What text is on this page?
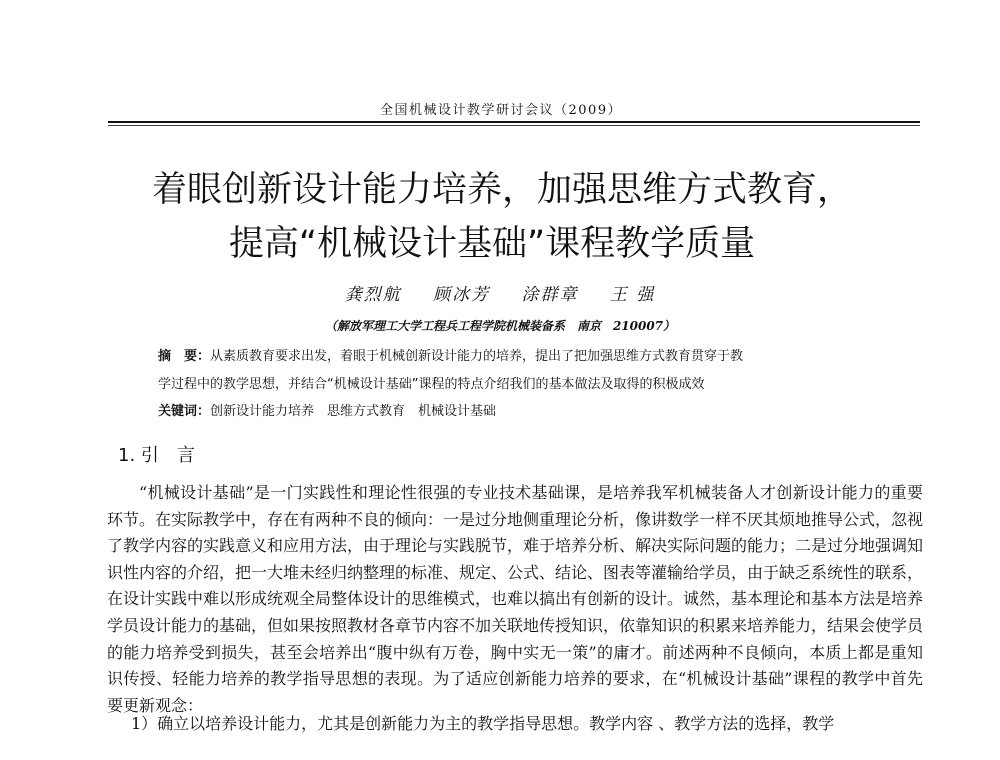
全国机械设计教学研讨会议（2009）
着眼创新设计能力培养，加强思维方式教育，
提高“机械设计基础”课程教学质量
龚烈航 顾冰芳 涂群章 王 强
（解放军理工大学工程兵工程学院机械装备系　南京　210007）
摘　要：从素质教育要求出发，着眼于机械创新设计能力的培养，提出了把加强思维方式教育贯穿于教
学过程中的教学思想，并结合“机械设计基础”课程的特点介绍我们的基本做法及取得的积极成效
关键词：创新设计能力培养　思维方式教育　机械设计基础
1. 引　言
“机械设计基础”是一门实践性和理论性很强的专业技术基础课，是培养我军机械装备人才创新设计能力的重要环节。在实际教学中，存在有两种不良的倾向：一是过分地侧重理论分析，像讲数学一样不厌其烦地推导公式，忽视了教学内容的实践意义和应用方法，由于理论与实践脱节，难于培养分析、解决实际问题的能力；二是过分地强调知识性内容的介绍，把一大堆未经归纳整理的标准、规定、公式、结论、图表等灌输给学员，由于缺乏系统性的联系，在设计实践中难以形成统观全局整体设计的思维模式，也难以搞出有创新的设计。诚然，基本理论和基本方法是培养学员设计能力的基础，但如果按照教材各章节内容不加关联地传授知识，依靠知识的积累来培养能力，结果会使学员的能力培养受到损失，甚至会培养出“腹中纵有万卷，胸中实无一策”的庸才。前述两种不良倾向，本质上都是重知识传授、轻能力培养的教学指导思想的表现。为了适应创新能力培养的要求，在“机械设计基础”课程的教学中首先要更新观念：
1）确立以培养设计能力，尤其是创新能力为主的教学指导思想。教学内容 、教学方法的选择，教学
